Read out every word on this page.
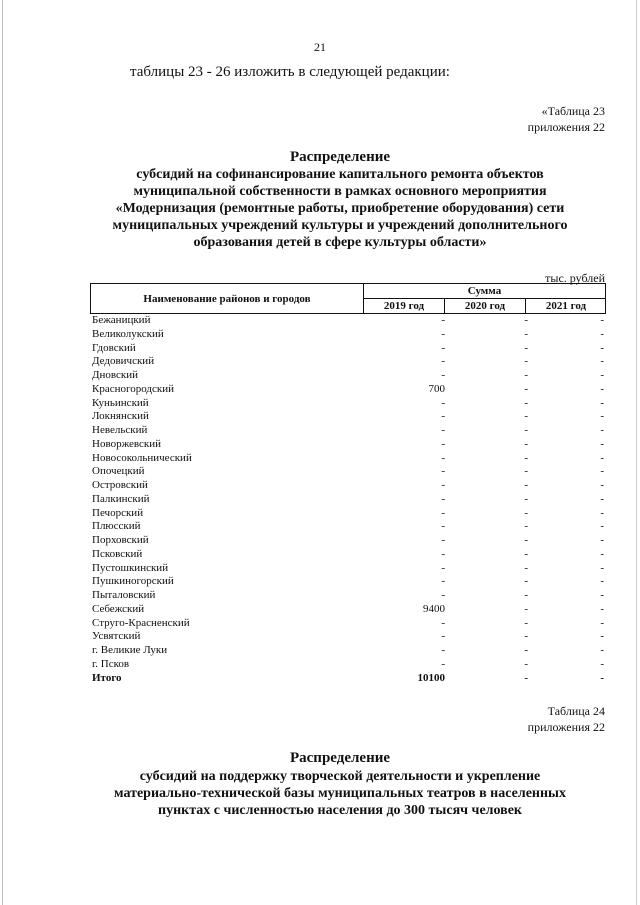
21
таблицы 23 - 26 изложить в следующей редакции:
«Таблица 23
приложения 22
Распределение
субсидий на софинансирование капитального ремонта объектов
муниципальной собственности в рамках основного мероприятия
«Модернизация (ремонтные работы, приобретение оборудования) сети
муниципальных учреждений культуры и учреждений дополнительного
образования детей в сфере культуры области»
тыс. рублей
Наименование районов и городов
Сумма
2019 год	2020 год	2021 год
Бежаницкий	-	-	-
Великолукский	-	-	-
Гдовский	-	-	-
Дедовичский	-	-	-
Дновский	-	-	-
Красногородский	700	-	-
Куньинский	-	-	-
Локнянский	-	-	-
Невельский	-	-	-
Новоржевский	-	-	-
Новосокольнический	-	-	-
Опочецкий	-	-	-
Островский	-	-	-
Палкинский	-	-	-
Печорский	-	-	-
Плюсский	-	-	-
Порховский	-	-	-
Псковский	-	-	-
Пустошкинский	-	-	-
Пушкиногорский	-	-	-
Пыталовский	-	-	-
Себежский	9400	-	-
Струго-Красненский	-	-	-
Усвятский	-	-	-
г. Великие Луки	-	-	-
г. Псков	-	-	-
Итого	10100	-	-
Таблица 24
приложения 22
Распределение
субсидий на поддержку творческой деятельности и укрепление
материально-технической базы муниципальных театров в населенных
пунктах с численностью населения до 300 тысяч человек
